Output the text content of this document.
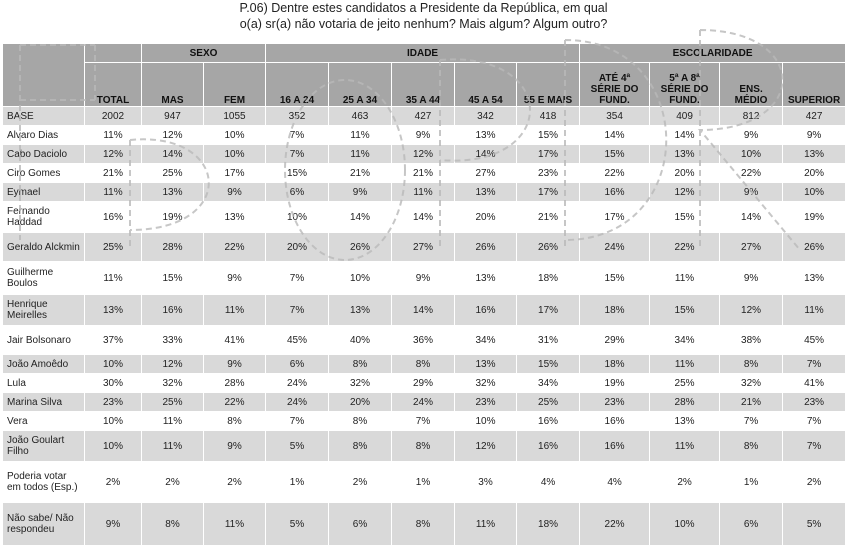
P.06) Dentre estes candidatos a Presidente da República, em qual
o(a) sr(a) não votaria de jeito nenhum? Mais algum? Algum outro?
		SEXO		IDADE					ESCOLARIDADE			
	TOTAL	MAS	FEM	16 A 24	25 A 34	35 A 44	45 A 54	55 E MAIS	ATÉ 4ª SÉRIE DO FUND.	5ª A 8ª SÉRIE DO FUND.	ENS. MÉDIO	SUPERIOR
BASE	2002	947	1055	352	463	427	342	418	354	409	812	427
Alvaro Dias	11%	12%	10%	7%	11%	9%	13%	15%	14%	14%	9%	9%
Cabo Daciolo	12%	14%	10%	7%	11%	12%	14%	17%	15%	13%	10%	13%
Ciro Gomes	21%	25%	17%	15%	21%	21%	27%	23%	22%	20%	22%	20%
Eymael	11%	13%	9%	6%	9%	11%	13%	17%	16%	12%	9%	10%
Fernando Haddad	16%	19%	13%	10%	14%	14%	20%	21%	17%	15%	14%	19%
Geraldo Alckmin	25%	28%	22%	20%	26%	27%	26%	26%	24%	22%	27%	26%
Guilherme Boulos	11%	15%	9%	7%	10%	9%	13%	18%	15%	11%	9%	13%
Henrique Meirelles	13%	16%	11%	7%	13%	14%	16%	17%	18%	15%	12%	11%
Jair Bolsonaro	37%	33%	41%	45%	40%	36%	34%	31%	29%	34%	38%	45%
João Amoêdo	10%	12%	9%	6%	8%	8%	13%	15%	18%	11%	8%	7%
Lula	30%	32%	28%	24%	32%	29%	32%	34%	19%	25%	32%	41%
Marina Silva	23%	25%	22%	24%	20%	24%	23%	25%	23%	28%	21%	23%
Vera	10%	11%	8%	7%	8%	7%	10%	16%	16%	13%	7%	7%
João Goulart Filho	10%	11%	9%	5%	8%	8%	12%	16%	16%	11%	8%	7%
Poderia votar em todos (Esp.)	2%	2%	2%	1%	2%	1%	3%	4%	4%	2%	1%	2%
Não sabe/ Não respondeu	9%	8%	11%	5%	6%	8%	11%	18%	22%	10%	6%	5%
